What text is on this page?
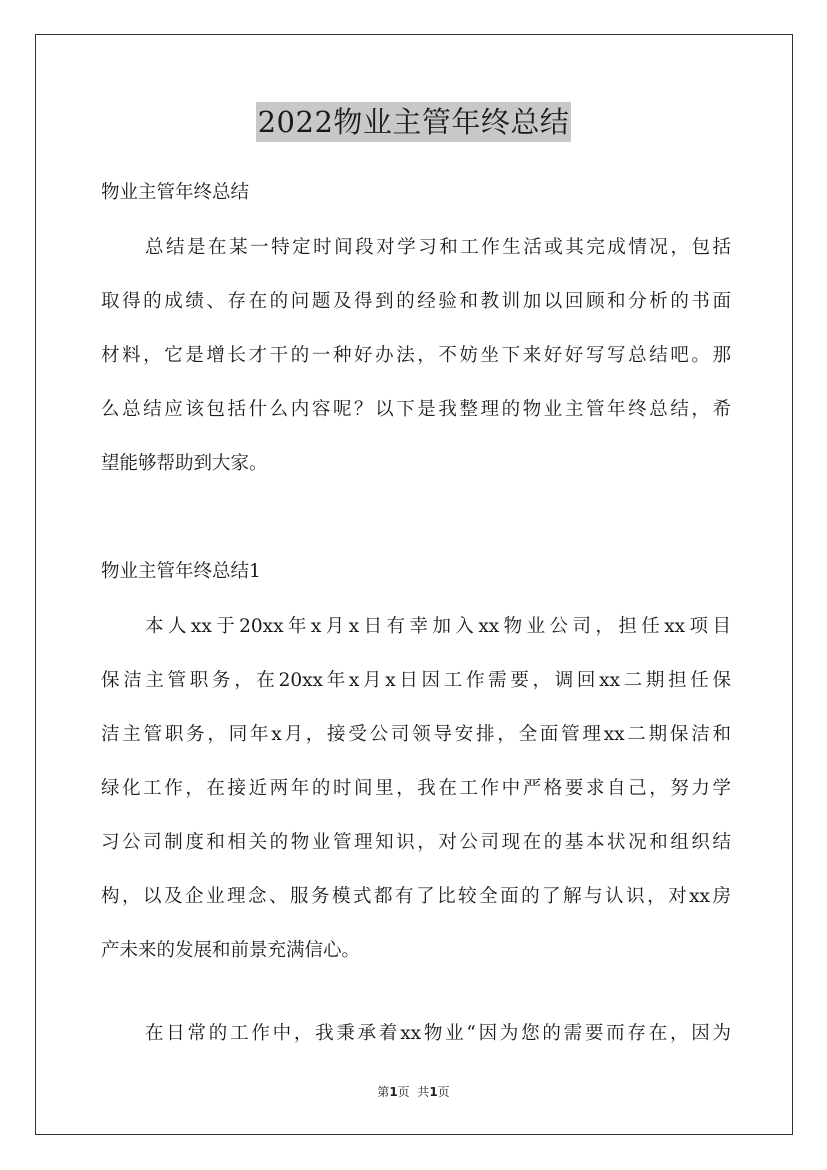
2022物业主管年终总结

物业主管年终总结

总结是在某一特定时间段对学习和工作生活或其完成情况，包括

取得的成绩、存在的问题及得到的经验和教训加以回顾和分析的书面

材料，它是增长才干的一种好办法，不妨坐下来好好写写总结吧。那

么总结应该包括什么内容呢？以下是我整理的物业主管年终总结，希

望能够帮助到大家。

物业主管年终总结1

本人xx于20xx年x月x日有幸加入xx物业公司，担任xx项目

保洁主管职务，在20xx年x月x日因工作需要，调回xx二期担任保

洁主管职务，同年x月，接受公司领导安排，全面管理xx二期保洁和

绿化工作，在接近两年的时间里，我在工作中严格要求自己，努力学

习公司制度和相关的物业管理知识，对公司现在的基本状况和组织结

构，以及企业理念、服务模式都有了比较全面的了解与认识，对xx房

产未来的发展和前景充满信心。

在日常的工作中，我秉承着xx物业“因为您的需要而存在，因为

第1页  共1页
